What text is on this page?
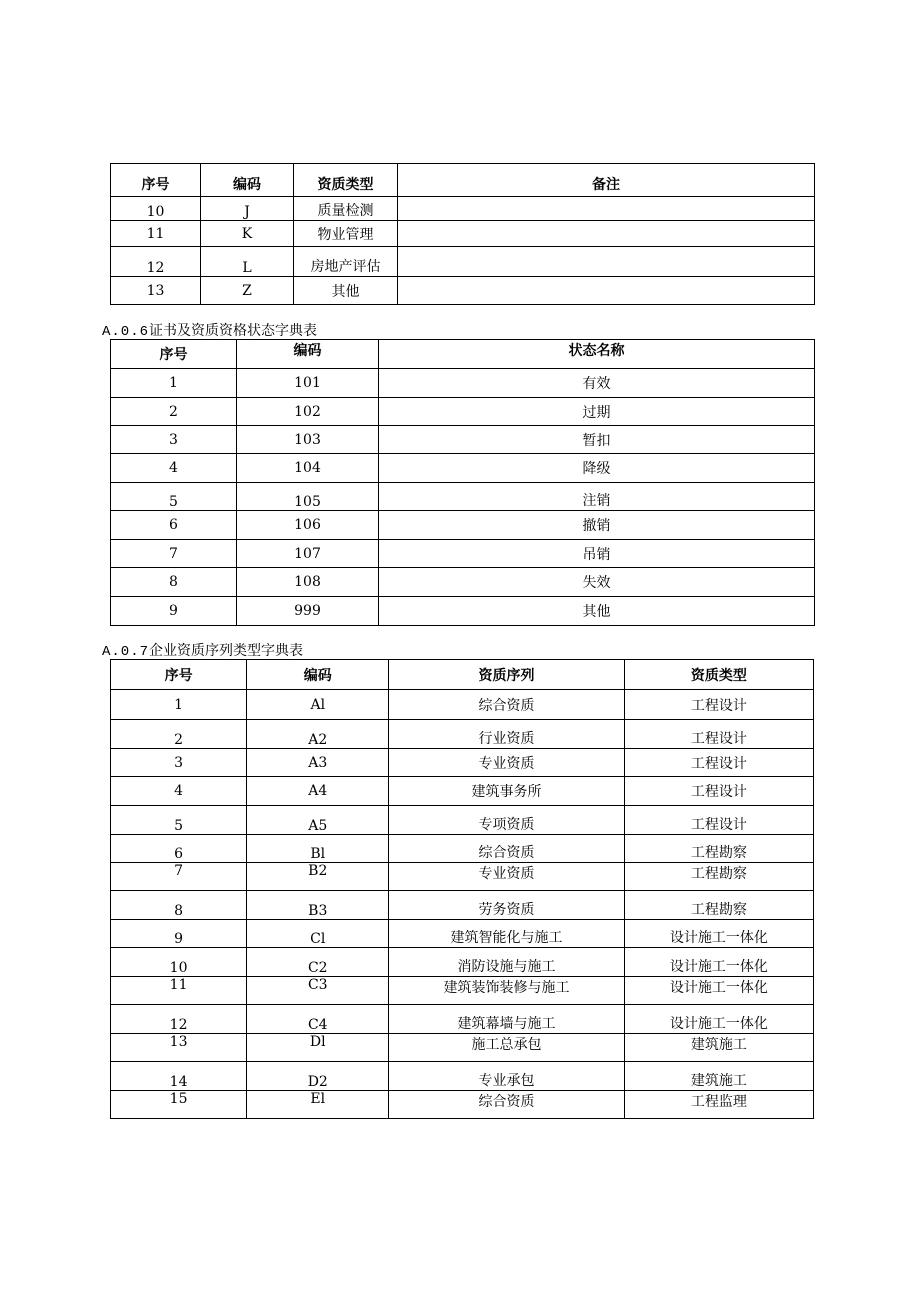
序号	编码	资质类型	备注
10	J	质量检测	
11	K	物业管理	
12	L	房地产评估	
13	Z	其他	
A.0.6证书及资质资格状态字典表
序号	编码	状态名称
1	101	有效
2	102	过期
3	103	暂扣
4	104	降级
5	105	注销
6	106	撤销
7	107	吊销
8	108	失效
9	999	其他
A.0.7企业资质序列类型字典表
序号	编码	资质序列	资质类型
1	Al	综合资质	工程设计
2	A2	行业资质	工程设计
3	A3	专业资质	工程设计
4	A4	建筑事务所	工程设计
5	A5	专项资质	工程设计
6	Bl	综合资质	工程勘察
7	B2	专业资质	工程勘察
8	B3	劳务资质	工程勘察
9	Cl	建筑智能化与施工	设计施工一体化
10	C2	消防设施与施工	设计施工一体化
11	C3	建筑装饰装修与施工	设计施工一体化
12	C4	建筑幕墙与施工	设计施工一体化
13	Dl	施工总承包	建筑施工
14	D2	专业承包	建筑施工
15	El	综合资质	工程监理
